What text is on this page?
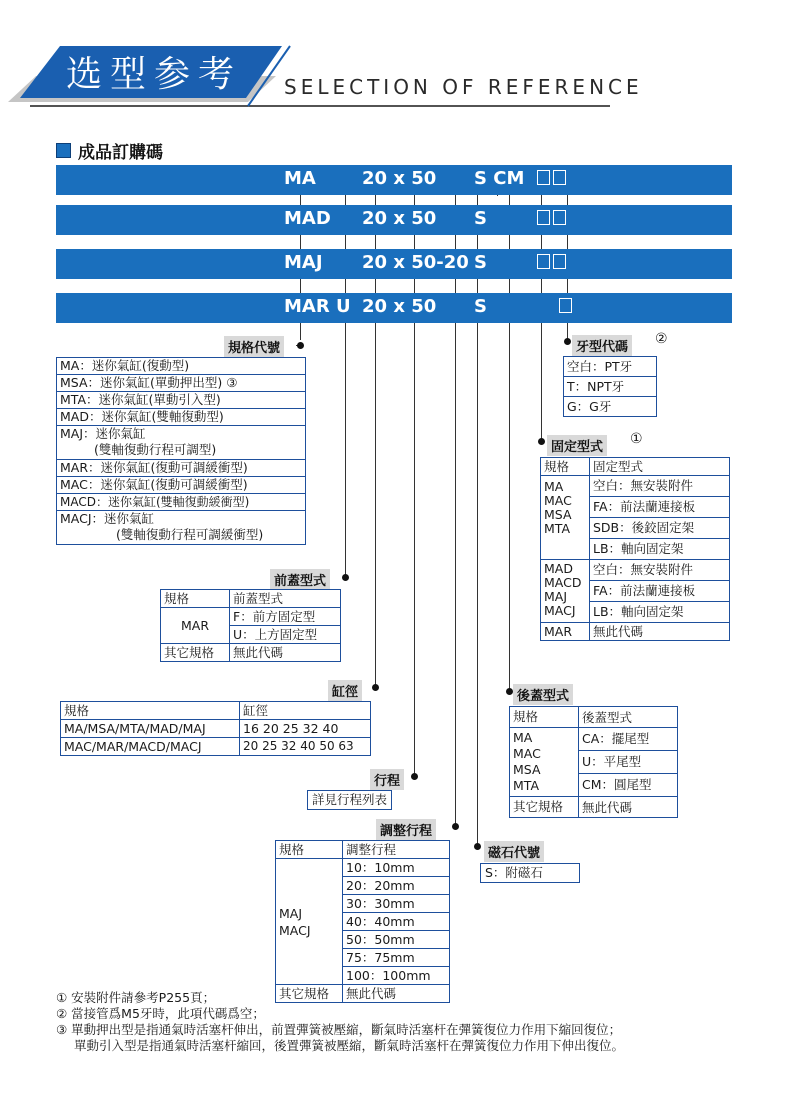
选型参考 SELECTION OF REFERENCE
成品訂購碼
MA	20 x 50 S CM
MAD 20 x 50 S
MAJ 20 x 50-20 S
MAR U 20 x 50 S
規格代號
MA：迷你氣缸(復動型)
MSA：迷你氣缸(單動押出型) ③
MTA：迷你氣缸(單動引入型)
MAD：迷你氣缸(雙軸復動型)
MAJ：迷你氣缸
(雙軸復動行程可調型)
MAR：迷你氣缸(復動可調緩衝型)
MAC：迷你氣缸(復動可調緩衝型)
MACD：迷你氣缸(雙軸復動緩衝型)
MACJ：迷你氣缸
(雙軸復動行程可調緩衝型)
前蓋型式
規格	前蓋型式
MAR	F：前方固定型
	U：上方固定型
其它規格	無此代碼
缸徑
規格	缸徑
MA/MSA/MTA/MAD/MAJ	16 20 25 32 40
MAC/MAR/MACD/MACJ	20 25 32 40 50 63
行程
詳見行程列表
調整行程
規格	調整行程

MAJ
MACJ	10：10mm
	20：20mm
	30：30mm
	40：40mm
	50：50mm
	75：75mm
	100：100mm
其它規格	無此代碼
磁石代號
S：附磁石
牙型代碼
②
空白：PT牙
T：NPT牙
G：G牙
固定型式
①
規格	固定型式

MA
MAC
MSA
MTA	空白：無安裝附件
	FA：前法蘭連接板
	SDB：後鉸固定架
	LB：軸向固定架

MAD
MACD
MAJ
MACJ	空白：無安裝附件
	FA：前法蘭連接板
	LB：軸向固定架
MAR	無此代碼
後蓋型式
規格	後蓋型式

MA
MAC
MSA
MTA	CA：擺尾型
	U：平尾型
	CM：圓尾型
其它規格	無此代碼
① 安裝附件請參考P255頁；
② 當接管爲M5牙時，此項代碼爲空；
③ 單動押出型是指通氣時活塞杆伸出，前置彈簧被壓縮，斷氣時活塞杆在彈簧復位力作用下縮回復位；
單動引入型是指通氣時活塞杆縮回，後置彈簧被壓縮，斷氣時活塞杆在彈簧復位力作用下伸出復位。
